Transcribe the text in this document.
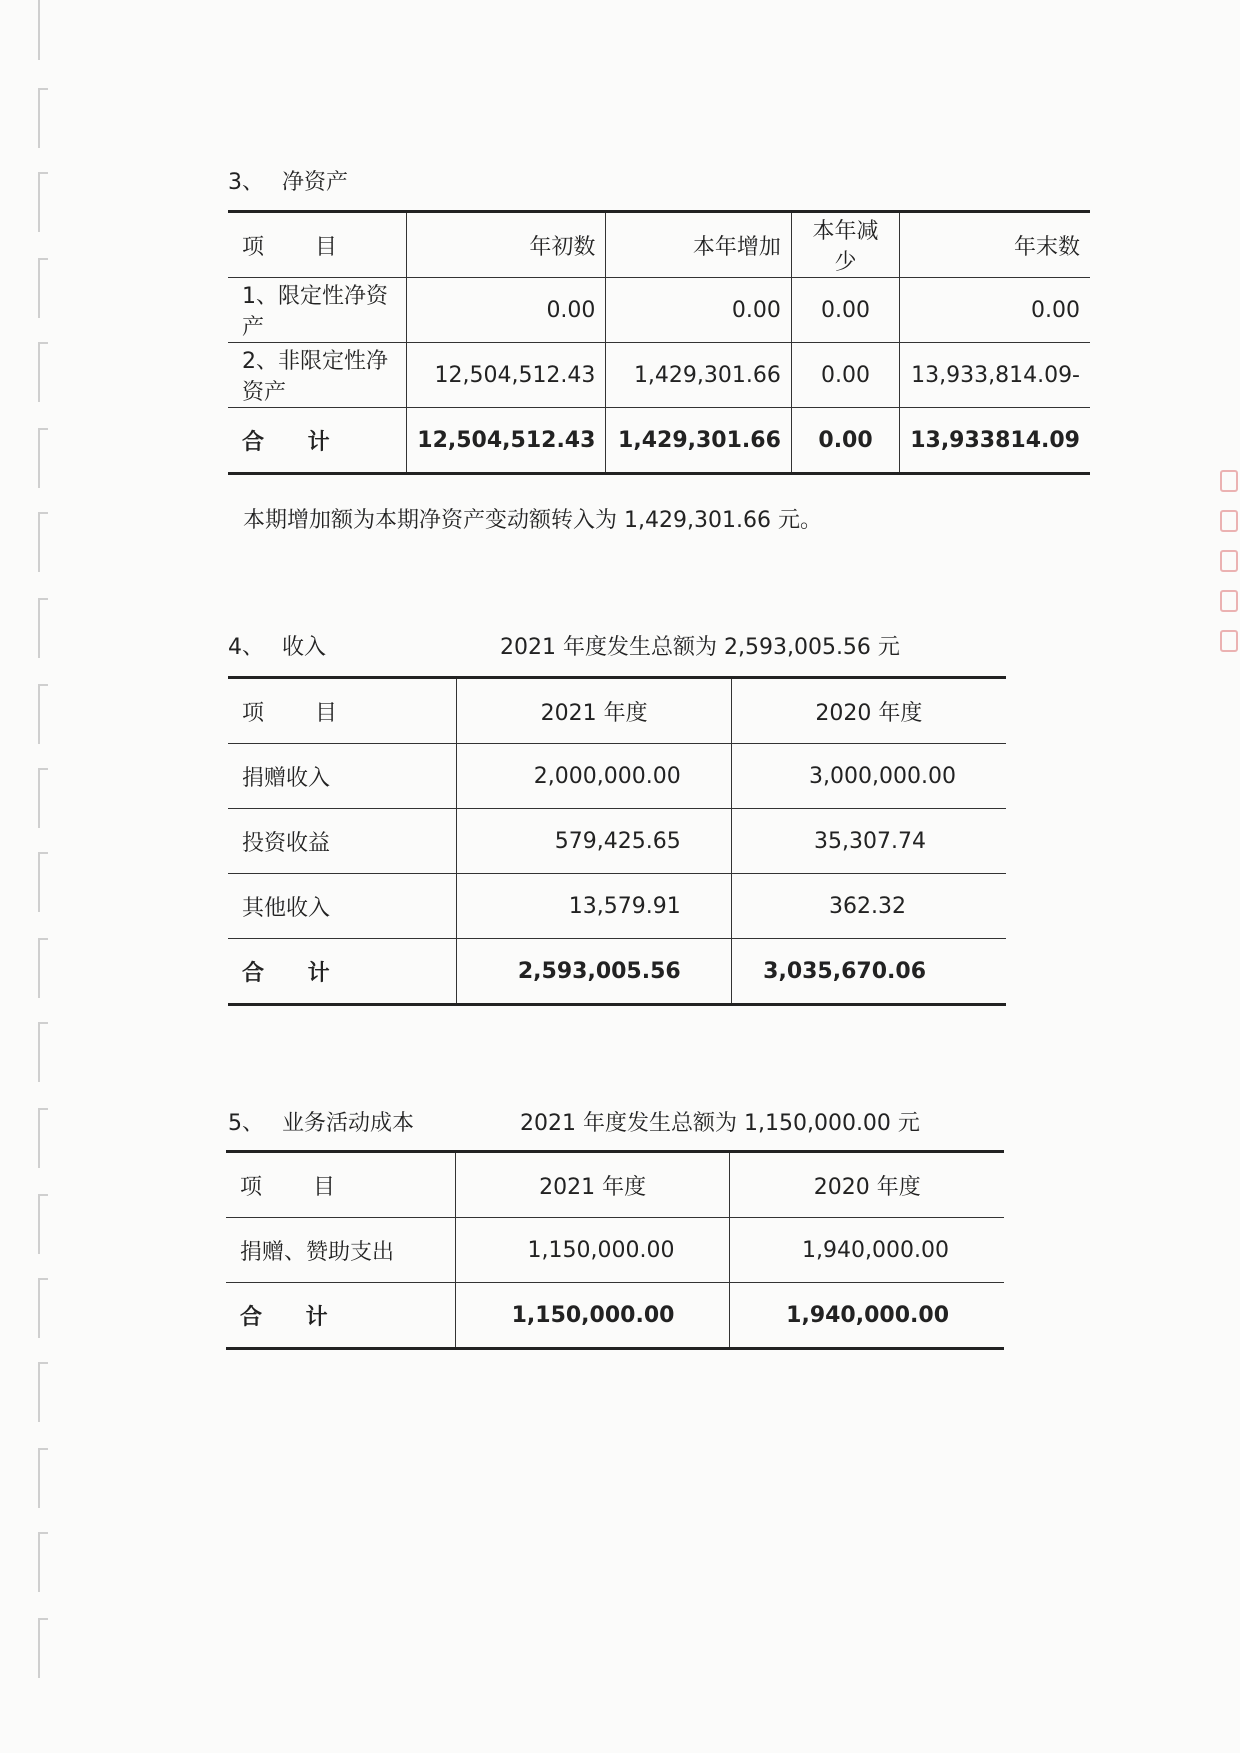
3、 净资产
项 目	年初数	本年增加	本年减少	年末数
1、限定性净资产	0.00	0.00	0.00	0.00
2、非限定性净资产	12,504,512.43	1,429,301.66	0.00	13,933,814.09-
合 计	12,504,512.43	1,429,301.66	0.00	13,933814.09
本期增加额为本期净资产变动额转入为 1,429,301.66 元。
4、 收入	2021 年度发生总额为 2,593,005.56 元
项 目	2021 年度	2020 年度
捐赠收入	2,000,000.00	3,000,000.00
投资收益	579,425.65	35,307.74
其他收入	13,579.91	362.32
合 计	2,593,005.56	3,035,670.06
5、 业务活动成本	2021 年度发生总额为 1,150,000.00 元
项 目	2021 年度	2020 年度
捐赠、赞助支出	1,150,000.00	1,940,000.00
合 计	1,150,000.00	1,940,000.00
